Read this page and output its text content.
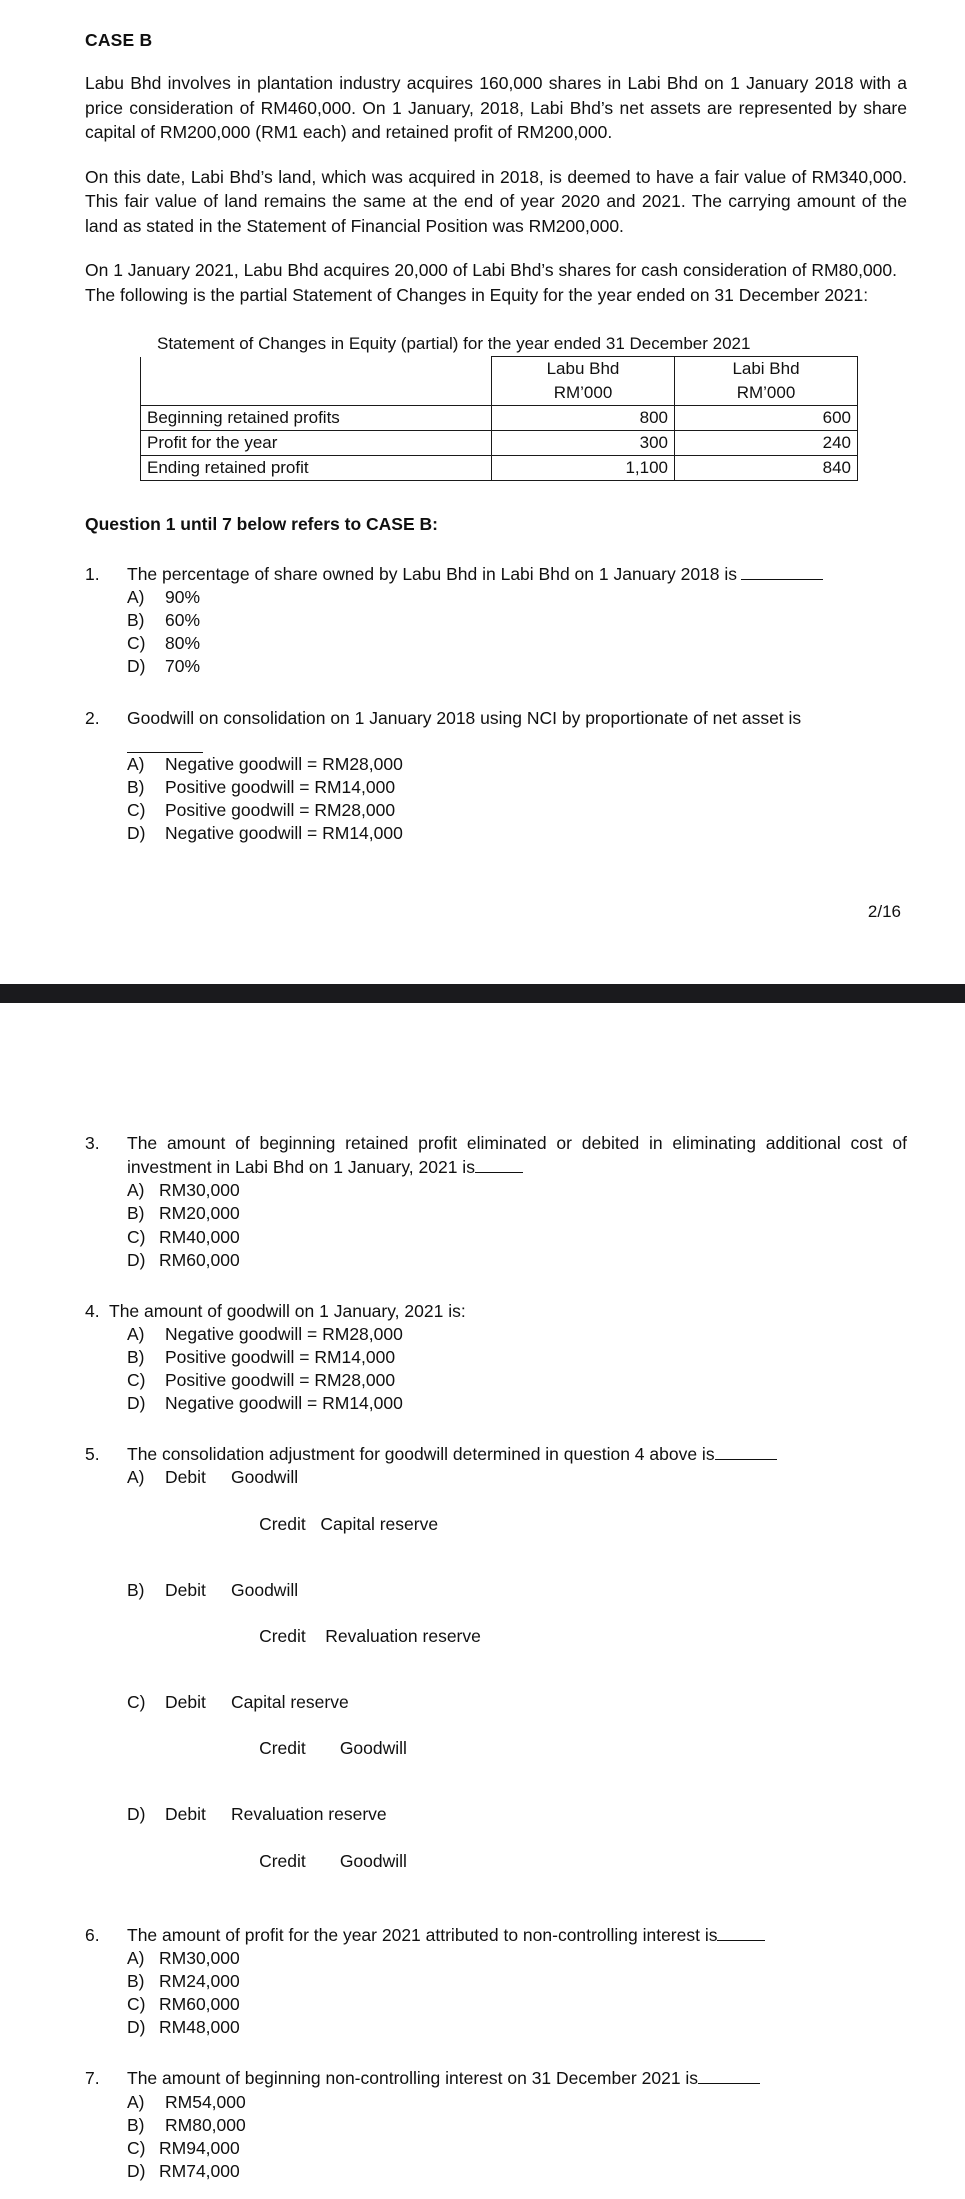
CASE B

Labu Bhd involves in plantation industry acquires 160,000 shares in Labi Bhd on 1 January 2018 with a price consideration of RM460,000. On 1 January, 2018, Labi Bhd’s net assets are represented by share capital of RM200,000 (RM1 each) and retained profit of RM200,000.

On this date, Labi Bhd’s land, which was acquired in 2018, is deemed to have a fair value of RM340,000. This fair value of land remains the same at the end of year 2020 and 2021. The carrying amount of the land as stated in the Statement of Financial Position was RM200,000.

On 1 January 2021, Labu Bhd acquires 20,000 of Labi Bhd’s shares for cash consideration of RM80,000. The following is the partial Statement of Changes in Equity for the year ended on 31 December 2021:

Statement of Changes in Equity (partial) for the year ended 31 December 2021
	Labu Bhd	Labi Bhd
	RM’000	RM’000
Beginning retained profits	800	600
Profit for the year	300	240
Ending retained profit	1,100	840

Question 1 until 7 below refers to CASE B:

1.	The percentage of share owned by Labu Bhd in Labi Bhd on 1 January 2018 is

A)	90%
B)	60%
C)	80%
D)	70%
2.	Goodwill on consolidation on 1 January 2018 using NCI by proportionate of net asset is

A)	Negative goodwill = RM28,000
B)	Positive goodwill = RM14,000
C)	Positive goodwill = RM28,000
D)	Negative goodwill = RM14,000
2/16
3.	The amount of beginning retained profit eliminated or debited in eliminating additional cost of investment in Labi Bhd on 1 January, 2021 is

A) RM30,000
B) RM20,000
C) RM40,000
D) RM60,000
4. The amount of goodwill on 1 January, 2021 is:

A)	Negative goodwill = RM28,000
B)	Positive goodwill = RM14,000
C)	Positive goodwill = RM28,000
D)	Negative goodwill = RM14,000
5.	The consolidation adjustment for goodwill determined in question 4 above is

A)	Debit	Goodwill

Credit Capital reserve

B)	Debit	Goodwill

Credit Revaluation reserve

C)	Debit	Capital reserve

Credit Goodwill

D)	Debit	Revaluation reserve

Credit Goodwill

6.	The amount of profit for the year 2021 attributed to non-controlling interest is

A) RM30,000
B) RM24,000
C) RM60,000
D) RM48,000
7.	The amount of beginning non-controlling interest on 31 December 2021 is

A)	RM54,000
B)	RM80,000
C) RM94,000
D) RM74,000
